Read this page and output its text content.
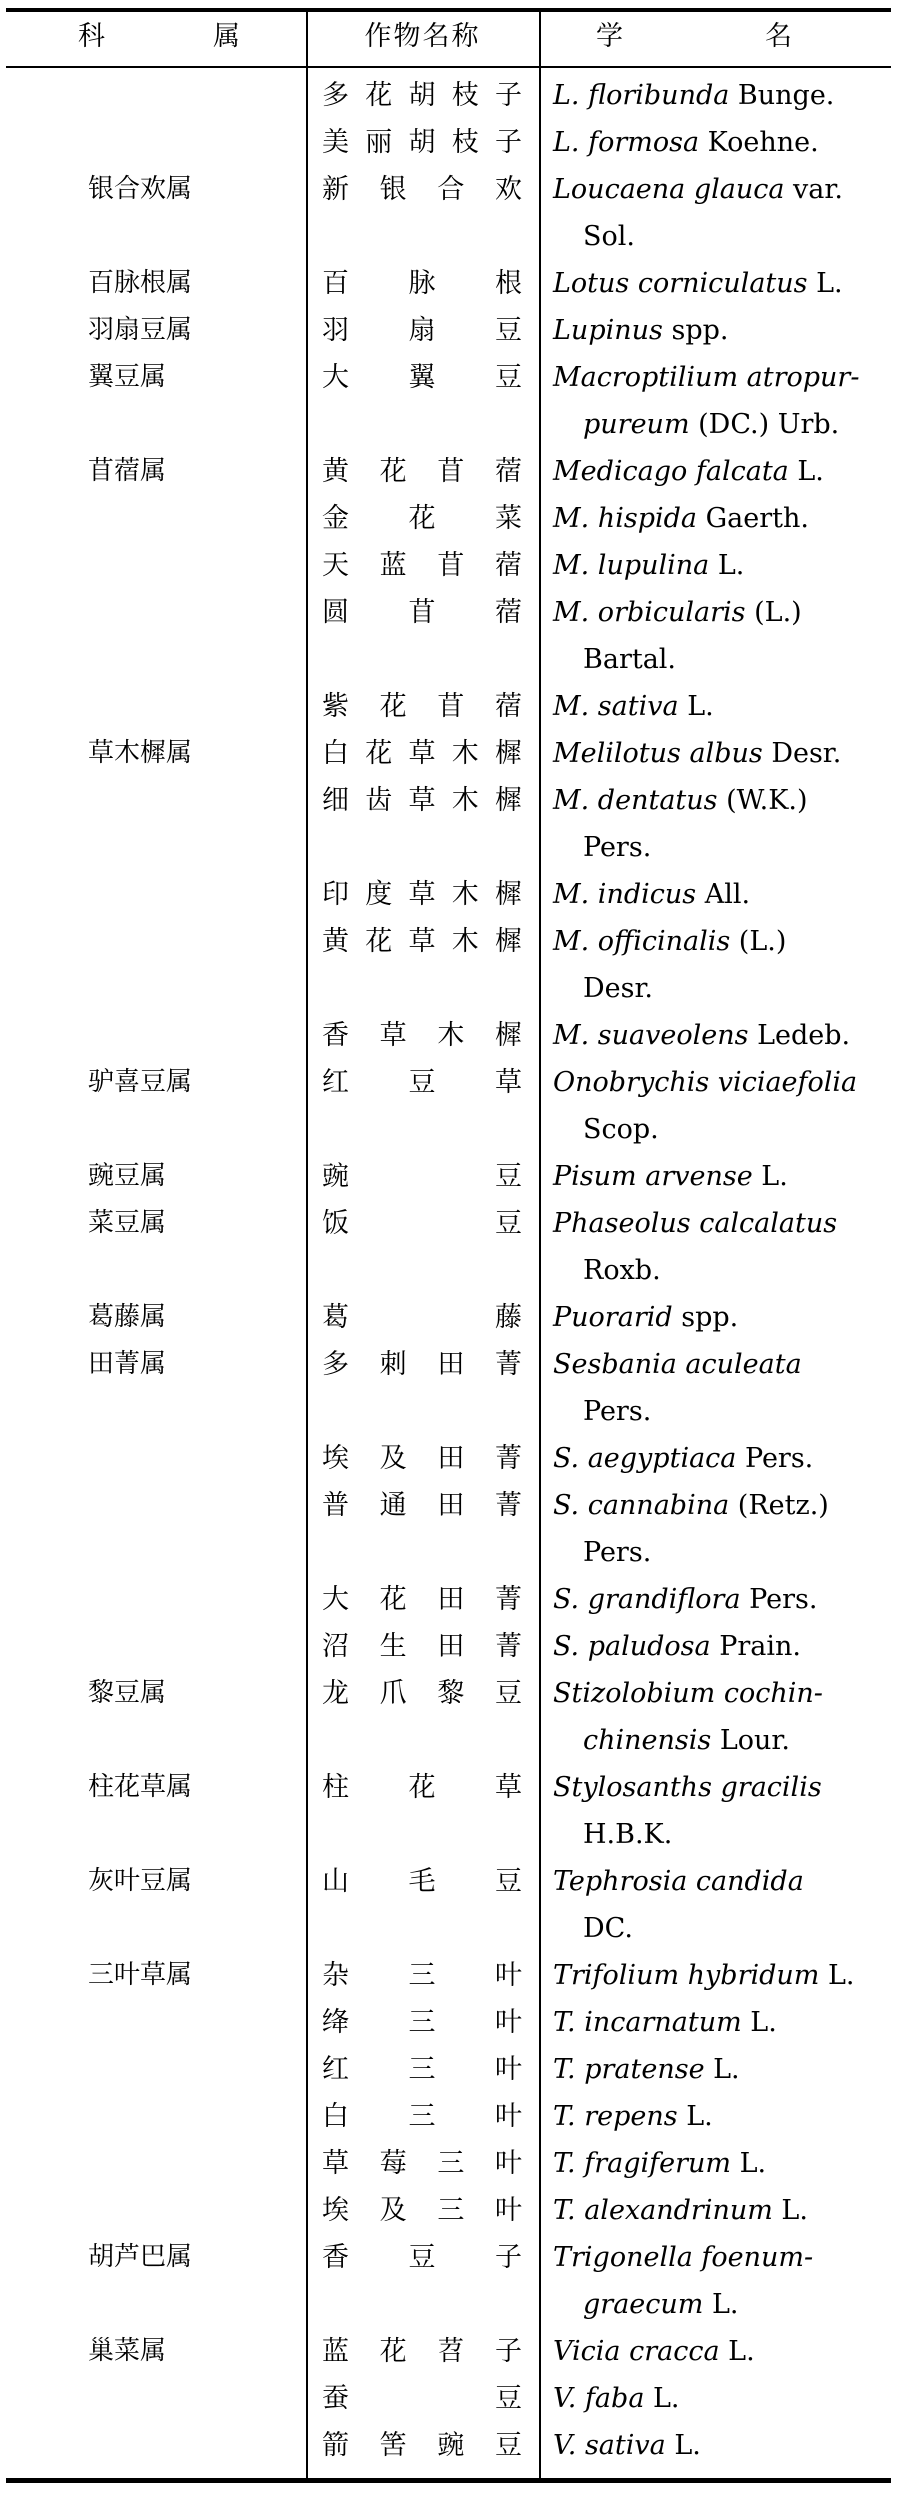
科	属	作物名称	学	名
多花胡枝子 L. floribunda Bunge.
美丽胡枝子 L. formosa Koehne.
银合欢属	新银合欢 Loucaena glauca var.
Sol.
百脉根属	百脉根 Lotus corniculatus L.
羽扇豆属	羽扇豆 Lupinus spp.
翼豆属	大翼豆 Macroptilium atropur-
pureum (DC.) Urb.
苜蓿属	黄花苜蓿 Medicago falcata L.
金花菜 M. hispida Gaerth.
天蓝苜蓿 M. lupulina L.
圆苜蓿 M. orbicularis (L.)
Bartal.
紫花苜蓿 M. sativa L.
草木樨属	白花草木樨 Melilotus albus Desr.
细齿草木樨 M. dentatus (W.K.)
Pers.
印度草木樨 M. indicus All.
黄花草木樨 M. officinalis (L.)
Desr.
香草木樨 M. suaveolens Ledeb.
驴喜豆属	红豆草 Onobrychis viciaefolia
Scop.
豌豆属	豌豆 Pisum arvense L.
菜豆属	饭豆 Phaseolus calcalatus
Roxb.
葛藤属	葛藤 Puorarid spp.
田菁属	多刺田菁 Sesbania aculeata
Pers.
埃及田菁 S. aegyptiaca Pers.
普通田菁 S. cannabina (Retz.)
Pers.
大花田菁 S. grandiflora Pers.
沼生田菁 S. paludosa Prain.
黎豆属	龙爪黎豆 Stizolobium cochin-
chinensis Lour.
柱花草属	柱花草 Stylosanths gracilis
H.B.K.
灰叶豆属	山毛豆 Tephrosia candida
DC.
三叶草属	杂三叶 Trifolium hybridum L.
绛三叶 T. incarnatum L.
红三叶 T. pratense L.
白三叶 T. repens L.
草莓三叶 T. fragiferum L.
埃及三叶 T. alexandrinum L.
胡芦巴属	香豆子 Trigonella foenum-
graecum L.
巢菜属	蓝花苕子 Vicia cracca L.
蚕豆 V. faba L.
箭筈豌豆 V. sativa L.
